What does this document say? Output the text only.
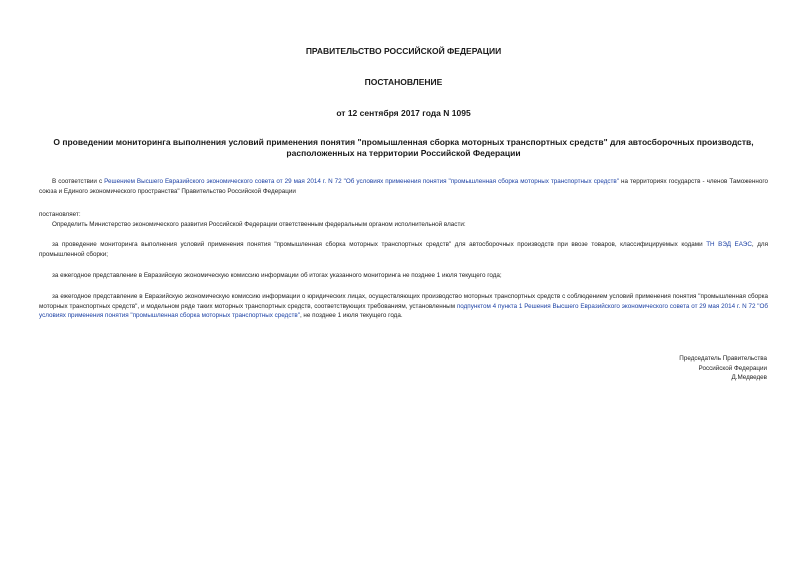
ПРАВИТЕЛЬСТВО РОССИЙСКОЙ ФЕДЕРАЦИИ
ПОСТАНОВЛЕНИЕ
от 12 сентября 2017 года N 1095
О проведении мониторинга выполнения условий применения понятия "промышленная сборка моторных транспортных средств" для автосборочных производств, расположенных на территории Российской Федерации

В соответствии с Решением Высшего Евразийского экономического совета от 29 мая 2014 г. N 72 "Об условиях применения понятия "промышленная сборка моторных транспортных средств" на территориях государств - членов Таможенного союза и Единого экономического пространства" Правительство Российской Федерации

постановляет:

Определить Министерство экономического развития Российской Федерации ответственным федеральным органом исполнительной власти:

за проведение мониторинга выполнения условий применения понятия "промышленная сборка моторных транспортных средств" для автосборочных производств при ввозе товаров, классифицируемых кодами ТН ВЭД ЕАЭС, для промышленной сборки;

за ежегодное представление в Евразийскую экономическую комиссию информации об итогах указанного мониторинга не позднее 1 июля текущего года;

за ежегодное представление в Евразийскую экономическую комиссию информации о юридических лицах, осуществляющих производство моторных транспортных средств с соблюдением условий применения понятия "промышленная сборка моторных транспортных средств", и модельном ряде таких моторных транспортных средств, соответствующих требованиям, установленным подпунктом 4 пункта 1 Решения Высшего Евразийского экономического совета от 29 мая 2014 г. N 72 "Об условиях применения понятия "промышленная сборка моторных транспортных средств", не позднее 1 июля текущего года.

Председатель Правительства
Российской Федерации
Д.Медведев
